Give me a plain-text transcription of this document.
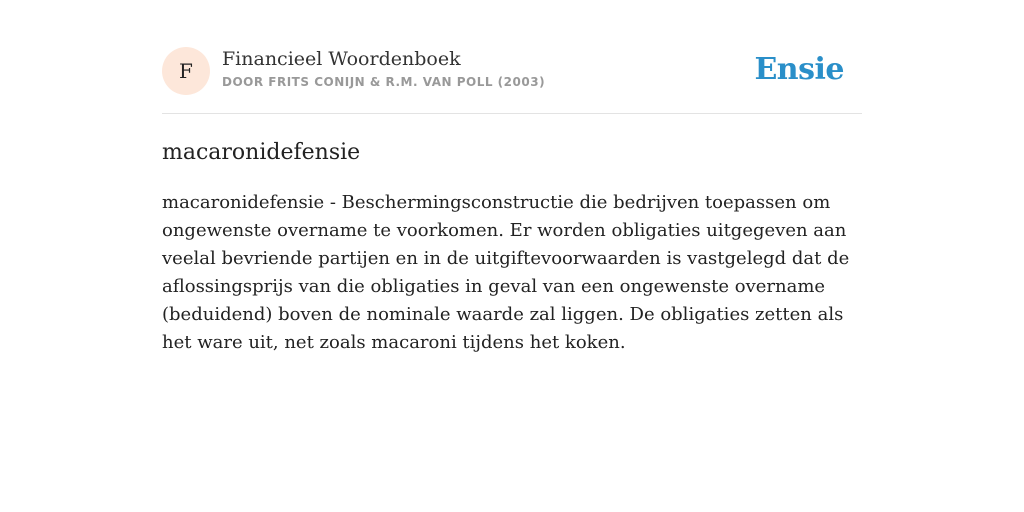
F	Financieel Woordenboek
DOOR FRITS CONIJN & R.M. VAN POLL (2003)	Ensie
macaronidefensie
macaronidefensie - Beschermingsconstructie die bedrijven toepassen om ongewenste overname te voorkomen. Er worden obligaties uitgegeven aan veelal bevriende partijen en in de uitgiftevoorwaarden is vastgelegd dat de aflossingsprijs van die obligaties in geval van een ongewenste overname (beduidend) boven de nominale waarde zal liggen. De obligaties zetten als het ware uit, net zoals macaroni tijdens het koken.
